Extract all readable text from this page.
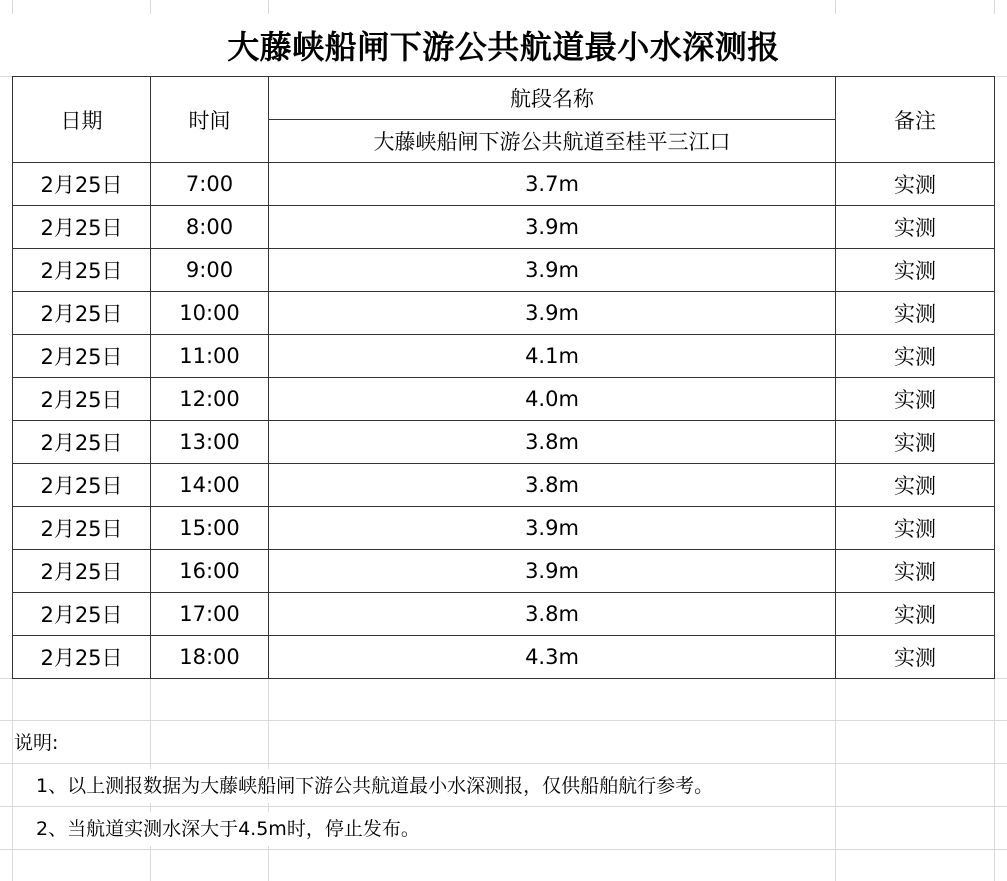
大藤峡船闸下游公共航道最小水深测报
日期	时间	航段名称	备注
		大藤峡船闸下游公共航道至桂平三江口	
2月25日	7:00	3.7m	实测
2月25日	8:00	3.9m	实测
2月25日	9:00	3.9m	实测
2月25日	10:00	3.9m	实测
2月25日	11:00	4.1m	实测
2月25日	12:00	4.0m	实测
2月25日	13:00	3.8m	实测
2月25日	14:00	3.8m	实测
2月25日	15:00	3.9m	实测
2月25日	16:00	3.9m	实测
2月25日	17:00	3.8m	实测
2月25日	18:00	4.3m	实测
说明:
1、以上测报数据为大藤峡船闸下游公共航道最小水深测报，仅供船舶航行参考。
2、当航道实测水深大于4.5m时，停止发布。
